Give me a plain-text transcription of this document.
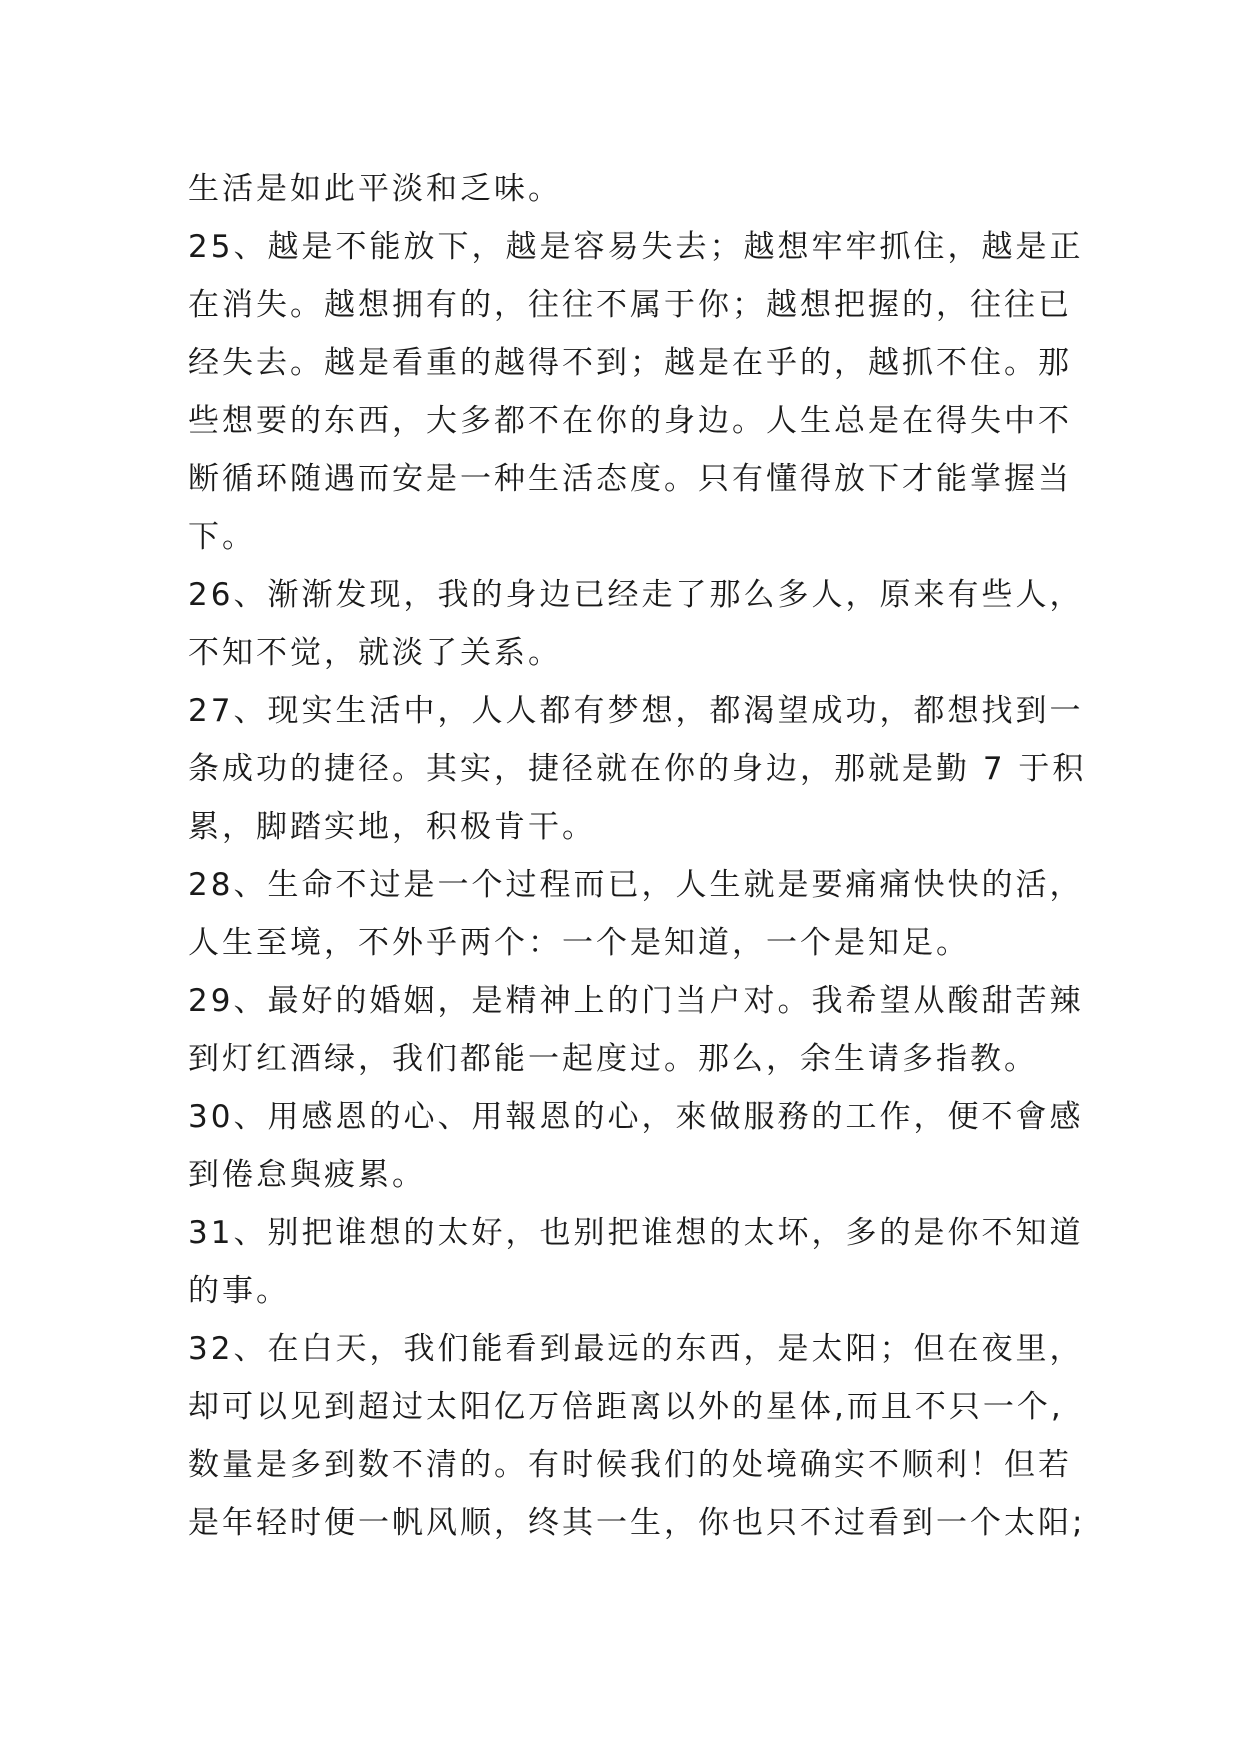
生活是如此平淡和乏味。
25、越是不能放下，越是容易失去；越想牢牢抓住，越是正
在消失。越想拥有的，往往不属于你；越想把握的，往往已
经失去。越是看重的越得不到；越是在乎的，越抓不住。那
些想要的东西，大多都不在你的身边。人生总是在得失中不
断循环随遇而安是一种生活态度。只有懂得放下才能掌握当
下。
26、渐渐发现，我的身边已经走了那么多人，原来有些人，
不知不觉，就淡了关系。
27、现实生活中，人人都有梦想，都渴望成功，都想找到一
条成功的捷径。其实，捷径就在你的身边，那就是勤 7 于积
累，脚踏实地，积极肯干。
28、生命不过是一个过程而已，人生就是要痛痛快快的活，
人生至境，不外乎两个：一个是知道，一个是知足。
29、最好的婚姻，是精神上的门当户对。我希望从酸甜苦辣
到灯红酒绿，我们都能一起度过。那么，余生请多指教。
30、用感恩的心、用報恩的心，來做服務的工作，便不會感
到倦怠與疲累。
31、别把谁想的太好，也别把谁想的太坏，多的是你不知道
的事。
32、在白天，我们能看到最远的东西，是太阳；但在夜里，
却可以见到超过太阳亿万倍距离以外的星体,而且不只一个,
数量是多到数不清的。有时候我们的处境确实不顺利！但若
是年轻时便一帆风顺，终其一生，你也只不过看到一个太阳;
